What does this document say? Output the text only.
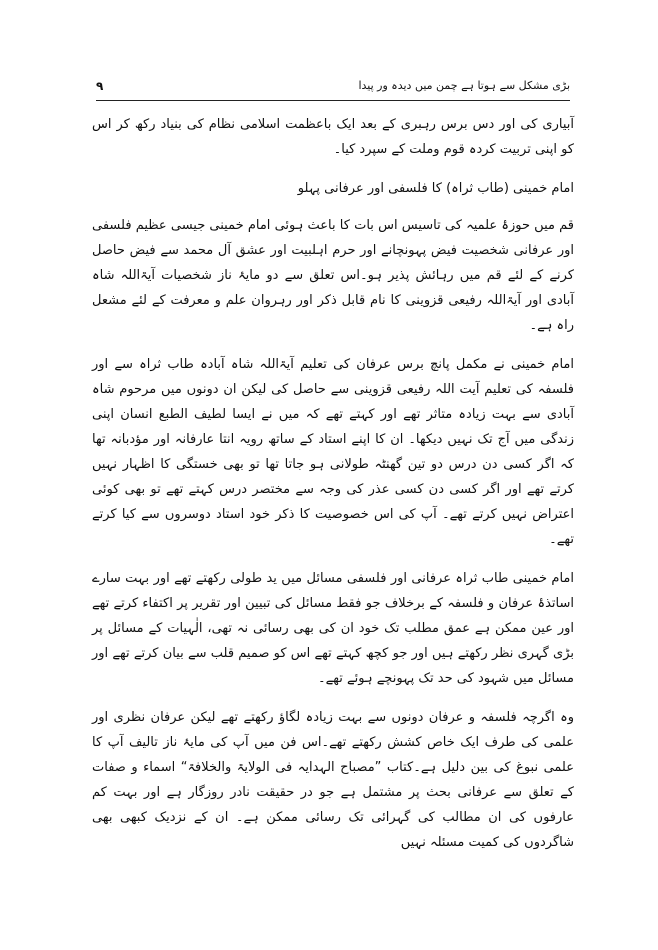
بڑی مشکل سے ہوتا ہے چمن میں دیدہ ور پیدا
۹

آبیاری کی اور دس برس رہبری کے بعد ایک باعظمت اسلامی نظام کی بنیاد رکھ کر اس کو اپنی تربیت کردہ قوم وملت کے سپرد کیا۔

امام خمینی (طاب ثراہ) کا فلسفی اور عرفانی پہلو

قم میں حوزۂ علمیہ کی تاسیس اس بات کا باعث ہوئی امام خمینی جیسی عظیم فلسفی اور عرفانی شخصیت فیض پہونچانے اور حرم اہلبیت اور عشق آل محمد سے فیض حاصل کرنے کے لئے قم میں رہائش پذیر ہو۔اس تعلق سے دو مایۂ ناز شخصیات آیۃاللہ شاہ آبادی اور آیۃاللہ رفیعی قزوینی کا نام قابل ذکر اور رہروان علم و معرفت کے لئے مشعل راہ ہے۔

امام خمینی نے مکمل پانچ برس عرفان کی تعلیم آیۃاللہ شاہ آبادہ طاب ثراہ سے اور فلسفہ کی تعلیم آیت اللہ رفیعی قزوینی سے حاصل کی لیکن ان دونوں میں مرحوم شاہ آبادی سے بہت زیادہ متاثر تھے اور کہتے تھے کہ میں نے ایسا لطیف الطبع انسان اپنی زندگی میں آج تک نہیں دیکھا۔ ان کا اپنے استاد کے ساتھ رویہ انتا عارفانہ اور مؤدبانہ تھا کہ اگر کسی دن درس دو تین گھنٹہ طولانی ہو جاتا تھا تو بھی خستگی کا اظہار نہیں کرتے تھے اور اگر کسی دن کسی عذر کی وجہ سے مختصر درس کہتے تھے تو بھی کوئی اعتراض نہیں کرتے تھے۔ آپ کی اس خصوصیت کا ذکر خود استاد دوسروں سے کیا کرتے تھے۔

امام خمینی طاب ثراہ عرفانی اور فلسفی مسائل میں ید طولی رکھتے تھے اور بہت سارے اساتذۂ عرفان و فلسفہ کے برخلاف جو فقط مسائل کی تبیین اور تقریر پر اکتفاء کرتے تھے اور عین ممکن ہے عمق مطلب تک خود ان کی بھی رسائی نہ تھی، الٰہیات کے مسائل پر بڑی گہری نظر رکھتے ہیں اور جو کچھ کہتے تھے اس کو صمیم قلب سے بیان کرتے تھے اور مسائل میں شہود کی حد تک پہونچے ہوئے تھے۔

وہ اگرچہ فلسفہ و عرفان دونوں سے بہت زیادہ لگاؤ رکھتے تھے لیکن عرفان نظری اور علمی کی طرف ایک خاص کشش رکھتے تھے۔اس فن میں آپ کی مایۂ ناز تالیف آپ کا علمی نبوغ کی بین دلیل ہے۔کتاب ”مصباح الہدایہ فی الولایۃ والخلافۃ“ اسماء و صفات کے تعلق سے عرفانی بحث پر مشتمل ہے جو در حقیقت نادر روزگار ہے اور بہت کم عارفوں کی ان مطالب کی گہرائی تک رسائی ممکن ہے۔ ان کے نزدیک کبھی بھی شاگردوں کی کمیت مسئلہ نہیں
